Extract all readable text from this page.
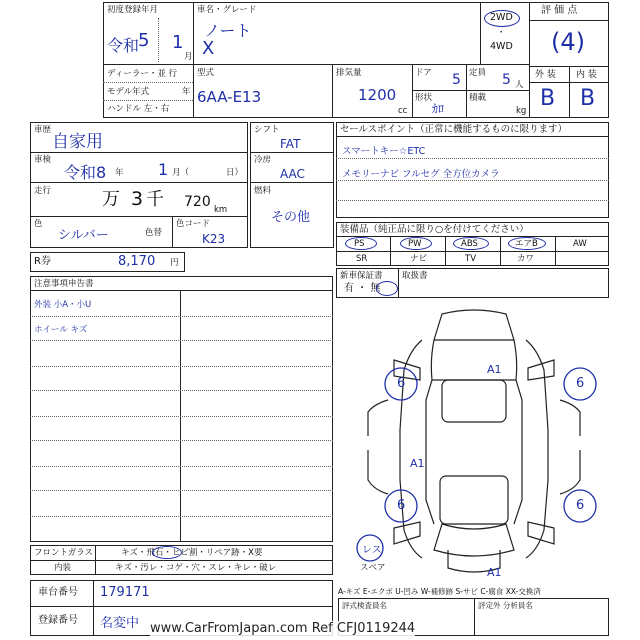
初度登録年月
令和
5 1
月
車名・グレード
ノート
X
2WD
・
4WD
評 価 点
(4)
外 装 内 装
B B
ディーラー・並 行
モデル年式	年
ハンドル 左・右
型式
6AA-E13
排気量
1200
cc
ドア 5 定員 5 人
形状
ｶﾛ
積載
kg
車歴
自家用
車検
令和8 年 1 月（	日）
走行	万 3 千 720 km
色
シルバー	色替
色コード
K23
シフト
FAT
冷房
AAC
燃料
その他
R券	8,170 円
セールスポイント（正常に機能するものに限ります）
スマートキー☆ETC
メモリーナビ フルセグ 全方位カメラ
装備品（純正品に限り○を付けてください）
PS	PW	ABS	エアB	AW
SR	ナビ	TV	カワ
新車保証書
有 ・ 無
取扱書
注意事項申告書
外装 小A・小U
ホイール キズ
A1
6	6
A1
6	6
A1
レス
スペア
A-キズ E-エクボ U-凹み W-補修跡 S-サビ C-腐食 XX-交換済
評式検査員名	評定外 分析員名
フロントガラス	キズ・飛石・ヒビ割・リペア跡・X要
内装	キズ・汚レ・コゲ・穴・スレ・キレ・破レ
車台番号 179171
登録番号 名変中 www.CarFromJapan.com Ref CFJ0119244
